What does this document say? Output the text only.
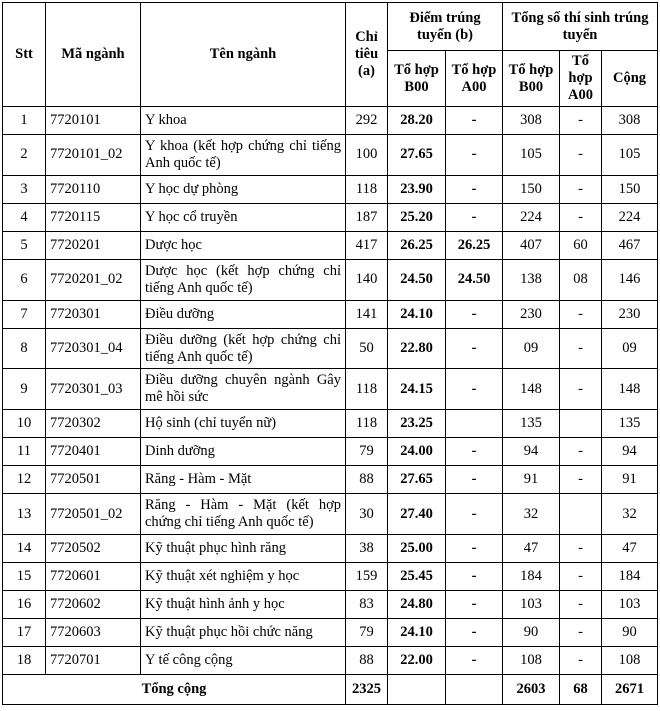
Stt	Mã ngành	Tên ngành	Chỉ tiêu (a)	Điểm trúng tuyển (b)		Tổng số thí sinh trúng tuyển		
				Tổ hợp B00	Tổ hợp A00	Tổ hợp B00	Tổ hợp A00	Cộng
1	7720101	Y khoa	292	28.20	-	308	-	308
2	7720101_02	Y khoa (kết hợp chứng chỉ tiếng Anh quốc tế)	100	27.65	-	105	-	105
3	7720110	Y học dự phòng	118	23.90	-	150	-	150
4	7720115	Y học cổ truyền	187	25.20	-	224	-	224
5	7720201	Dược học	417	26.25	26.25	407	60	467
6	7720201_02	Dược học (kết hợp chứng chỉ tiếng Anh quốc tế)	140	24.50	24.50	138	08	146
7	7720301	Điều dưỡng	141	24.10	-	230	-	230
8	7720301_04	Điều dưỡng (kết hợp chứng chỉ tiếng Anh quốc tế)	50	22.80	-	09	-	09
9	7720301_03	Điều dưỡng chuyên ngành Gây mê hồi sức	118	24.15	-	148	-	148
10	7720302	Hộ sinh (chỉ tuyển nữ)	118	23.25		135		135
11	7720401	Dinh dưỡng	79	24.00	-	94	-	94
12	7720501	Răng - Hàm - Mặt	88	27.65	-	91	-	91
13	7720501_02	Răng - Hàm - Mặt (kết hợp chứng chỉ tiếng Anh quốc tế)	30	27.40	-	32		32
14	7720502	Kỹ thuật phục hình răng	38	25.00	-	47	-	47
15	7720601	Kỹ thuật xét nghiệm y học	159	25.45	-	184	-	184
16	7720602	Kỹ thuật hình ảnh y học	83	24.80	-	103	-	103
17	7720603	Kỹ thuật phục hồi chức năng	79	24.10	-	90	-	90
18	7720701	Y tế công cộng	88	22.00	-	108	-	108
Tổng cộng			2325			2603	68	2671
